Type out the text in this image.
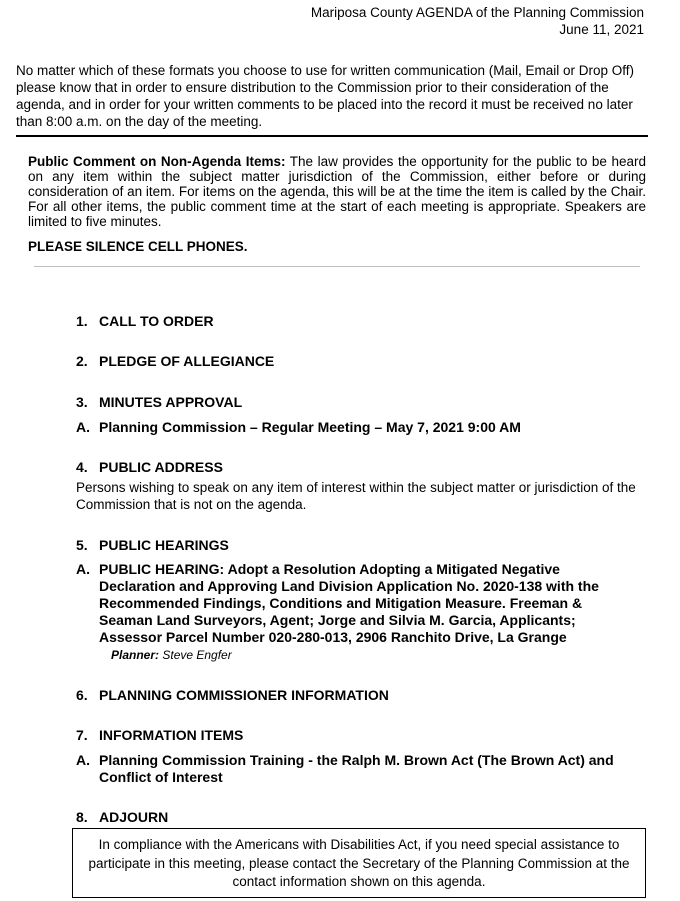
Mariposa County AGENDA of the Planning Commission
June 11, 2021
No matter which of these formats you choose to use for written communication (Mail, Email or Drop Off) please know that in order to ensure distribution to the Commission prior to their consideration of the agenda, and in order for your written comments to be placed into the record it must be received no later than 8:00 a.m. on the day of the meeting.
Public Comment on Non-Agenda Items: The law provides the opportunity for the public to be heard on any item within the subject matter jurisdiction of the Commission, either before or during consideration of an item. For items on the agenda, this will be at the time the item is called by the Chair. For all other items, the public comment time at the start of each meeting is appropriate. Speakers are limited to five minutes.
PLEASE SILENCE CELL PHONES.
1. CALL TO ORDER
2. PLEDGE OF ALLEGIANCE
3. MINUTES APPROVAL
A. Planning Commission – Regular Meeting – May 7, 2021 9:00 AM
4. PUBLIC ADDRESS
Persons wishing to speak on any item of interest within the subject matter or jurisdiction of the Commission that is not on the agenda.
5. PUBLIC HEARINGS
A. PUBLIC HEARING: Adopt a Resolution Adopting a Mitigated Negative Declaration and Approving Land Division Application No. 2020-138 with the Recommended Findings, Conditions and Mitigation Measure. Freeman & Seaman Land Surveyors, Agent; Jorge and Silvia M. Garcia, Applicants; Assessor Parcel Number 020-280-013, 2906 Ranchito Drive, La Grange
Planner: Steve Engfer
6. PLANNING COMMISSIONER INFORMATION
7. INFORMATION ITEMS
A. Planning Commission Training - the Ralph M. Brown Act (The Brown Act) and Conflict of Interest
8. ADJOURN
In compliance with the Americans with Disabilities Act, if you need special assistance to participate in this meeting, please contact the Secretary of the Planning Commission at the contact information shown on this agenda.
